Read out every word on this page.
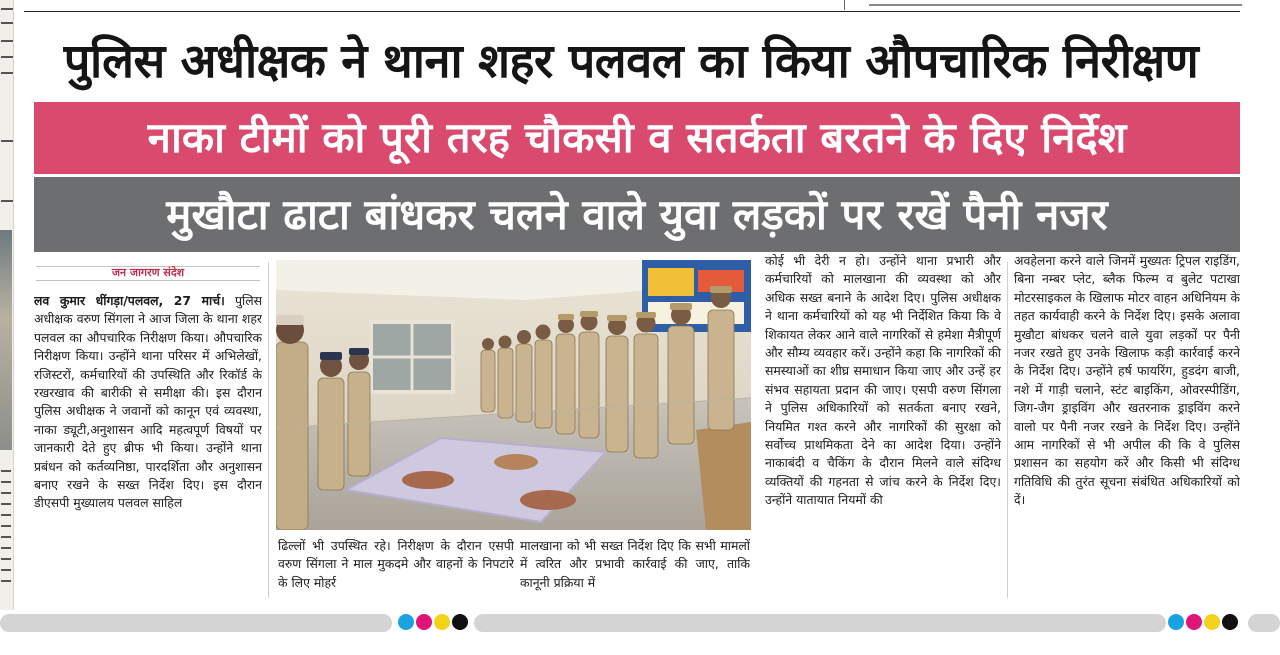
पुलिस अधीक्षक ने थाना शहर पलवल का किया औपचारिक निरीक्षण
नाका टीमों को पूरी तरह चौकसी व सतर्कता बरतने के दिए निर्देश
मुखौटा ढाटा बांधकर चलने वाले युवा लड़कों पर रखें पैनी नजर
जन जागरण संदेश
लव कुमार धींगड़ा/पलवल, 27 मार्च। पुलिस अधीक्षक वरुण सिंगला ने आज जिला के थाना शहर पलवल का औपचारिक निरीक्षण किया। औपचारिक निरीक्षण किया। उन्होंने थाना परिसर में अभिलेखों, रजिस्टरों, कर्मचारियों की उपस्थिति और रिकॉर्ड के रखरखाव की बारीकी से समीक्षा की। इस दौरान पुलिस अधीक्षक ने जवानों को कानून एवं व्यवस्था, नाका ड्यूटी,अनुशासन आदि महत्वपूर्ण विषयों पर जानकारी देते हुए ब्रीफ भी किया। उन्होंने थाना प्रबंधन को कर्तव्यनिष्ठा, पारदर्शिता और अनुशासन बनाए रखने के सख्त निर्देश दिए। इस दौरान डीएसपी मुख्यालय पलवल साहिल
ढिल्लों भी उपस्थित रहे। निरीक्षण के दौरान एसपी वरुण सिंगला ने माल मुकदमे और वाहनों के निपटारे के लिए मोहर्र
मालखाना को भी सख्त निर्देश दिए कि सभी मामलों में त्वरित और प्रभावी कार्रवाई की जाए, ताकि कानूनी प्रक्रिया में
कोई भी देरी न हो। उन्होंने थाना प्रभारी और कर्मचारियों को मालखाना की व्यवस्था को और अधिक सख्त बनाने के आदेश दिए। पुलिस अधीक्षक ने थाना कर्मचारियों को यह भी निर्देशित किया कि वे शिकायत लेकर आने वाले नागरिकों से हमेशा मैत्रीपूर्ण और सौम्य व्यवहार करें। उन्होंने कहा कि नागरिकों की समस्याओं का शीघ्र समाधान किया जाए और उन्हें हर संभव सहायता प्रदान की जाए। एसपी वरुण सिंगला ने पुलिस अधिकारियों को सतर्कता बनाए रखने, नियमित गश्त करने और नागरिकों की सुरक्षा को सर्वोच्च प्राथमिकता देने का आदेश दिया। उन्होंने नाकाबंदी व चैकिंग के दौरान मिलने वाले संदिग्ध व्यक्तियों की गहनता से जांच करने के निर्देश दिए। उन्होंने यातायात नियमों की
अवहेलना करने वाले जिनमें मुख्यतः ट्रिपल राइडिंग, बिना नम्बर प्लेट, ब्लैक फिल्म व बुलेट पटाखा मोटरसाइकल के खिलाफ मोटर वाहन अधिनियम के तहत कार्यवाही करने के निर्देश दिए। इसके अलावा मुखौटा बांधकर चलने वाले युवा लड़कों पर पैनी नजर रखते हुए उनके खिलाफ कड़ी कार्रवाई करने के निर्देश दिए। उन्होंने हर्ष फायरिंग, हुडदंग बाजी, नशे में गाड़ी चलाने, स्टंट बाइकिंग, ओवरस्पीडिंग, जिग-जैग ड्राइविंग और खतरनाक ड्राइविंग करने वालो पर पैनी नजर रखने के निर्देश दिए। उन्होंने आम नागरिकों से भी अपील की कि वे पुलिस प्रशासन का सहयोग करें और किसी भी संदिग्ध गतिविधि की तुरंत सूचना संबंधित अधिकारियों को दें।
